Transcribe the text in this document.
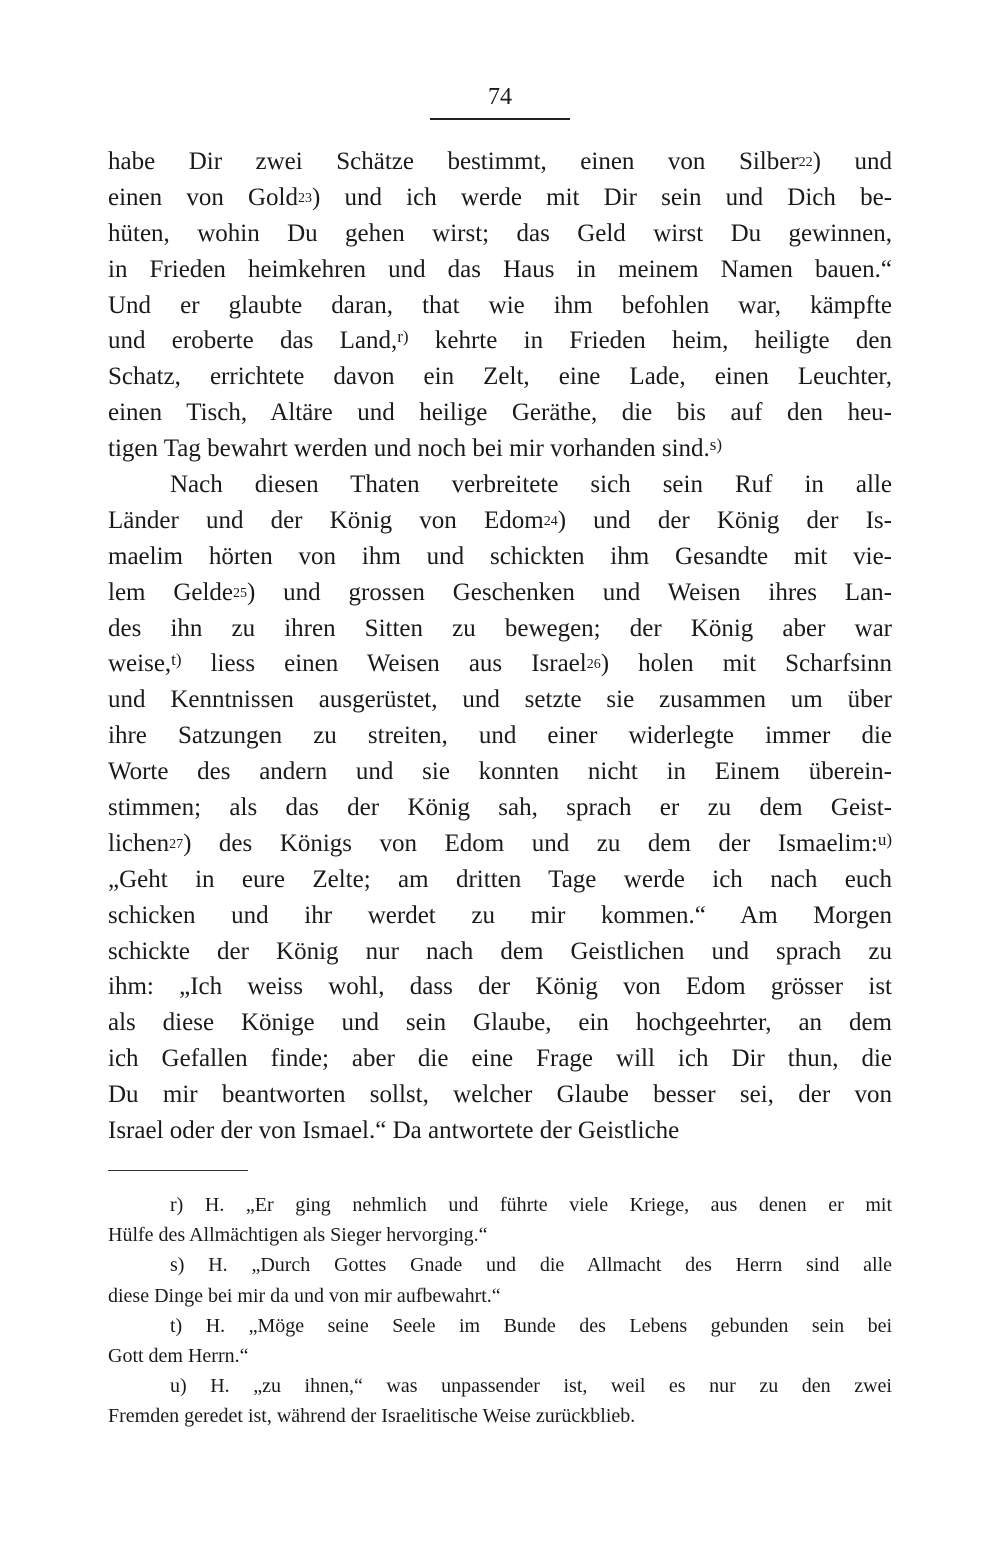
74
habe Dir zwei Schätze bestimmt, einen von Silber$^{22}$) und
einen von Gold$^{23}$) und ich werde mit Dir sein und Dich be-
hüten, wohin Du gehen wirst; das Geld wirst Du gewinnen,
in Frieden heimkehren und das Haus in meinem Namen bauen.“
Und er glaubte daran, that wie ihm befohlen war, kämpfte
und eroberte das Land,$^{r)}$ kehrte in Frieden heim, heiligte den
Schatz, errichtete davon ein Zelt, eine Lade, einen Leuchter,
einen Tisch, Altäre und heilige Geräthe, die bis auf den heu-
tigen Tag bewahrt werden und noch bei mir vorhanden sind.$^{s)}$
Nach diesen Thaten verbreitete sich sein Ruf in alle
Länder und der König von Edom$^{24}$) und der König der Is-
maelim hörten von ihm und schickten ihm Gesandte mit vie-
lem Gelde$^{25}$) und grossen Geschenken und Weisen ihres Lan-
des ihn zu ihren Sitten zu bewegen; der König aber war
weise,$^{t)}$ liess einen Weisen aus Israel$^{26}$) holen mit Scharfsinn
und Kenntnissen ausgerüstet, und setzte sie zusammen um über
ihre Satzungen zu streiten, und einer widerlegte immer die
Worte des andern und sie konnten nicht in Einem überein-
stimmen; als das der König sah, sprach er zu dem Geist-
lichen$^{27}$) des Königs von Edom und zu dem der Ismaelim:$^{u)}$
„Geht in eure Zelte; am dritten Tage werde ich nach euch
schicken und ihr werdet zu mir kommen.“ Am Morgen
schickte der König nur nach dem Geistlichen und sprach zu
ihm: „Ich weiss wohl, dass der König von Edom grösser ist
als diese Könige und sein Glaube, ein hochgeehrter, an dem
ich Gefallen finde; aber die eine Frage will ich Dir thun, die
Du mir beantworten sollst, welcher Glaube besser sei, der von
Israel oder der von Ismael.“ Da antwortete der Geistliche
r) H. „Er ging nehmlich und führte viele Kriege, aus denen er mit
Hülfe des Allmächtigen als Sieger hervorging.“
s) H. „Durch Gottes Gnade und die Allmacht des Herrn sind alle
diese Dinge bei mir da und von mir aufbewahrt.“
t) H. „Möge seine Seele im Bunde des Lebens gebunden sein bei
Gott dem Herrn.“
u) H. „zu ihnen,“ was unpassender ist, weil es nur zu den zwei
Fremden geredet ist, während der Israelitische Weise zurückblieb.
